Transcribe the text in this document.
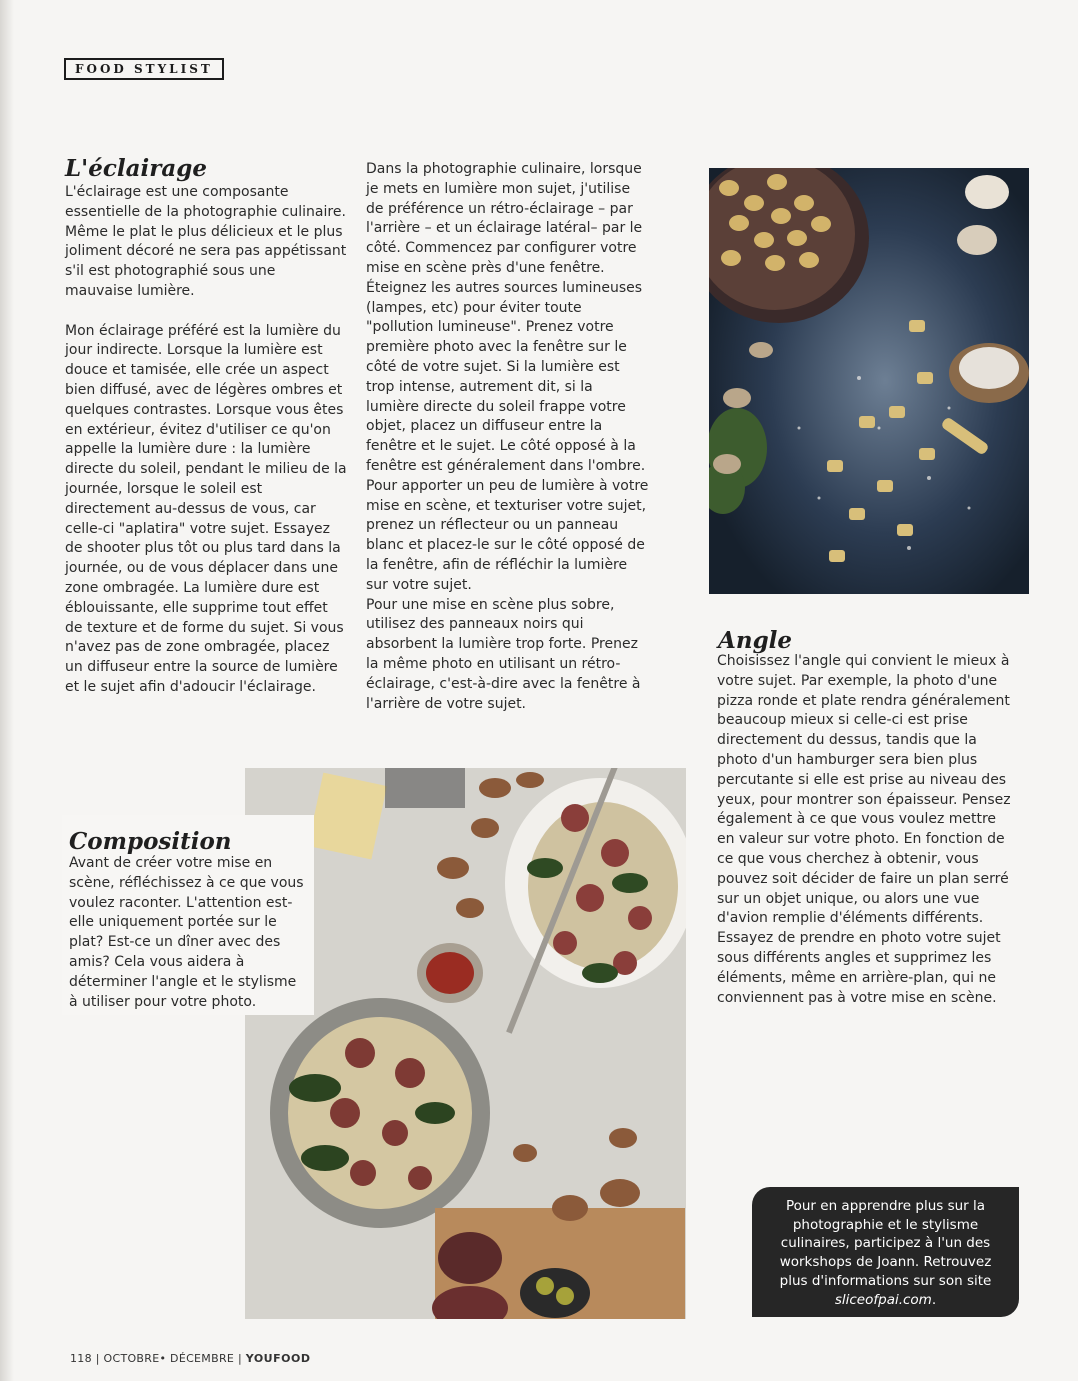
FOOD STYLIST
L'éclairage

L'éclairage est une composante essentielle de la photographie culinaire. Même le plat le plus délicieux et le plus joliment décoré ne sera pas appétissant s'il est photographié sous une mauvaise lumière.

Mon éclairage préféré est la lumière du jour indirecte. Lorsque la lumière est douce et tamisée, elle crée un aspect bien diffusé, avec de légères ombres et quelques contrastes. Lorsque vous êtes en extérieur, évitez d'utiliser ce qu'on appelle la lumière dure : la lumière directe du soleil, pendant le milieu de la journée, lorsque le soleil est directement au-dessus de vous, car celle-ci "aplatira" votre sujet. Essayez de shooter plus tôt ou plus tard dans la journée, ou de vous déplacer dans une zone ombragée. La lumière dure est éblouissante, elle supprime tout effet de texture et de forme du sujet. Si vous n'avez pas de zone ombragée, placez un diffuseur entre la source de lumière et le sujet afin d'adoucir l'éclairage.

Dans la photographie culinaire, lorsque je mets en lumière mon sujet, j'utilise de préférence un rétro-éclairage – par l'arrière – et un éclairage latéral– par le côté. Commencez par configurer votre mise en scène près d'une fenêtre. Éteignez les autres sources lumineuses (lampes, etc) pour éviter toute "pollution lumineuse". Prenez votre première photo avec la fenêtre sur le côté de votre sujet. Si la lumière est trop intense, autrement dit, si la lumière directe du soleil frappe votre objet, placez un diffuseur entre la fenêtre et le sujet. Le côté opposé à la fenêtre est généralement dans l'ombre.

Pour apporter un peu de lumière à votre mise en scène, et texturiser votre sujet, prenez un réflecteur ou un panneau blanc et placez-le sur le côté opposé de la fenêtre, afin de réfléchir la lumière sur votre sujet.

Pour une mise en scène plus sobre, utilisez des panneaux noirs qui absorbent la lumière trop forte. Prenez la même photo en utilisant un rétro-éclairage, c'est-à-dire avec la fenêtre à l'arrière de votre sujet.

Angle

Choisissez l'angle qui convient le mieux à votre sujet. Par exemple, la photo d'une pizza ronde et plate rendra généralement beaucoup mieux si celle-ci est prise directement du dessus, tandis que la photo d'un hamburger sera bien plus percutante si elle est prise au niveau des yeux, pour montrer son épaisseur. Pensez également à ce que vous voulez mettre en valeur sur votre photo. En fonction de ce que vous cherchez à obtenir, vous pouvez soit décider de faire un plan serré sur un objet unique, ou alors une vue d'avion remplie d'éléments différents. Essayez de prendre en photo votre sujet sous différents angles et supprimez les éléments, même en arrière-plan, qui ne conviennent pas à votre mise en scène.

Composition

Avant de créer votre mise en scène, réfléchissez à ce que vous voulez raconter. L'attention est-elle uniquement portée sur le plat? Est-ce un dîner avec des amis? Cela vous aidera à déterminer l'angle et le stylisme à utiliser pour votre photo.

Pour en apprendre plus sur la photographie et le stylisme culinaires, participez à l'un des workshops de Joann. Retrouvez plus d'informations sur son site sliceofpai.com.
118 | OCTOBRE• DÉCEMBRE | YOUFOOD
